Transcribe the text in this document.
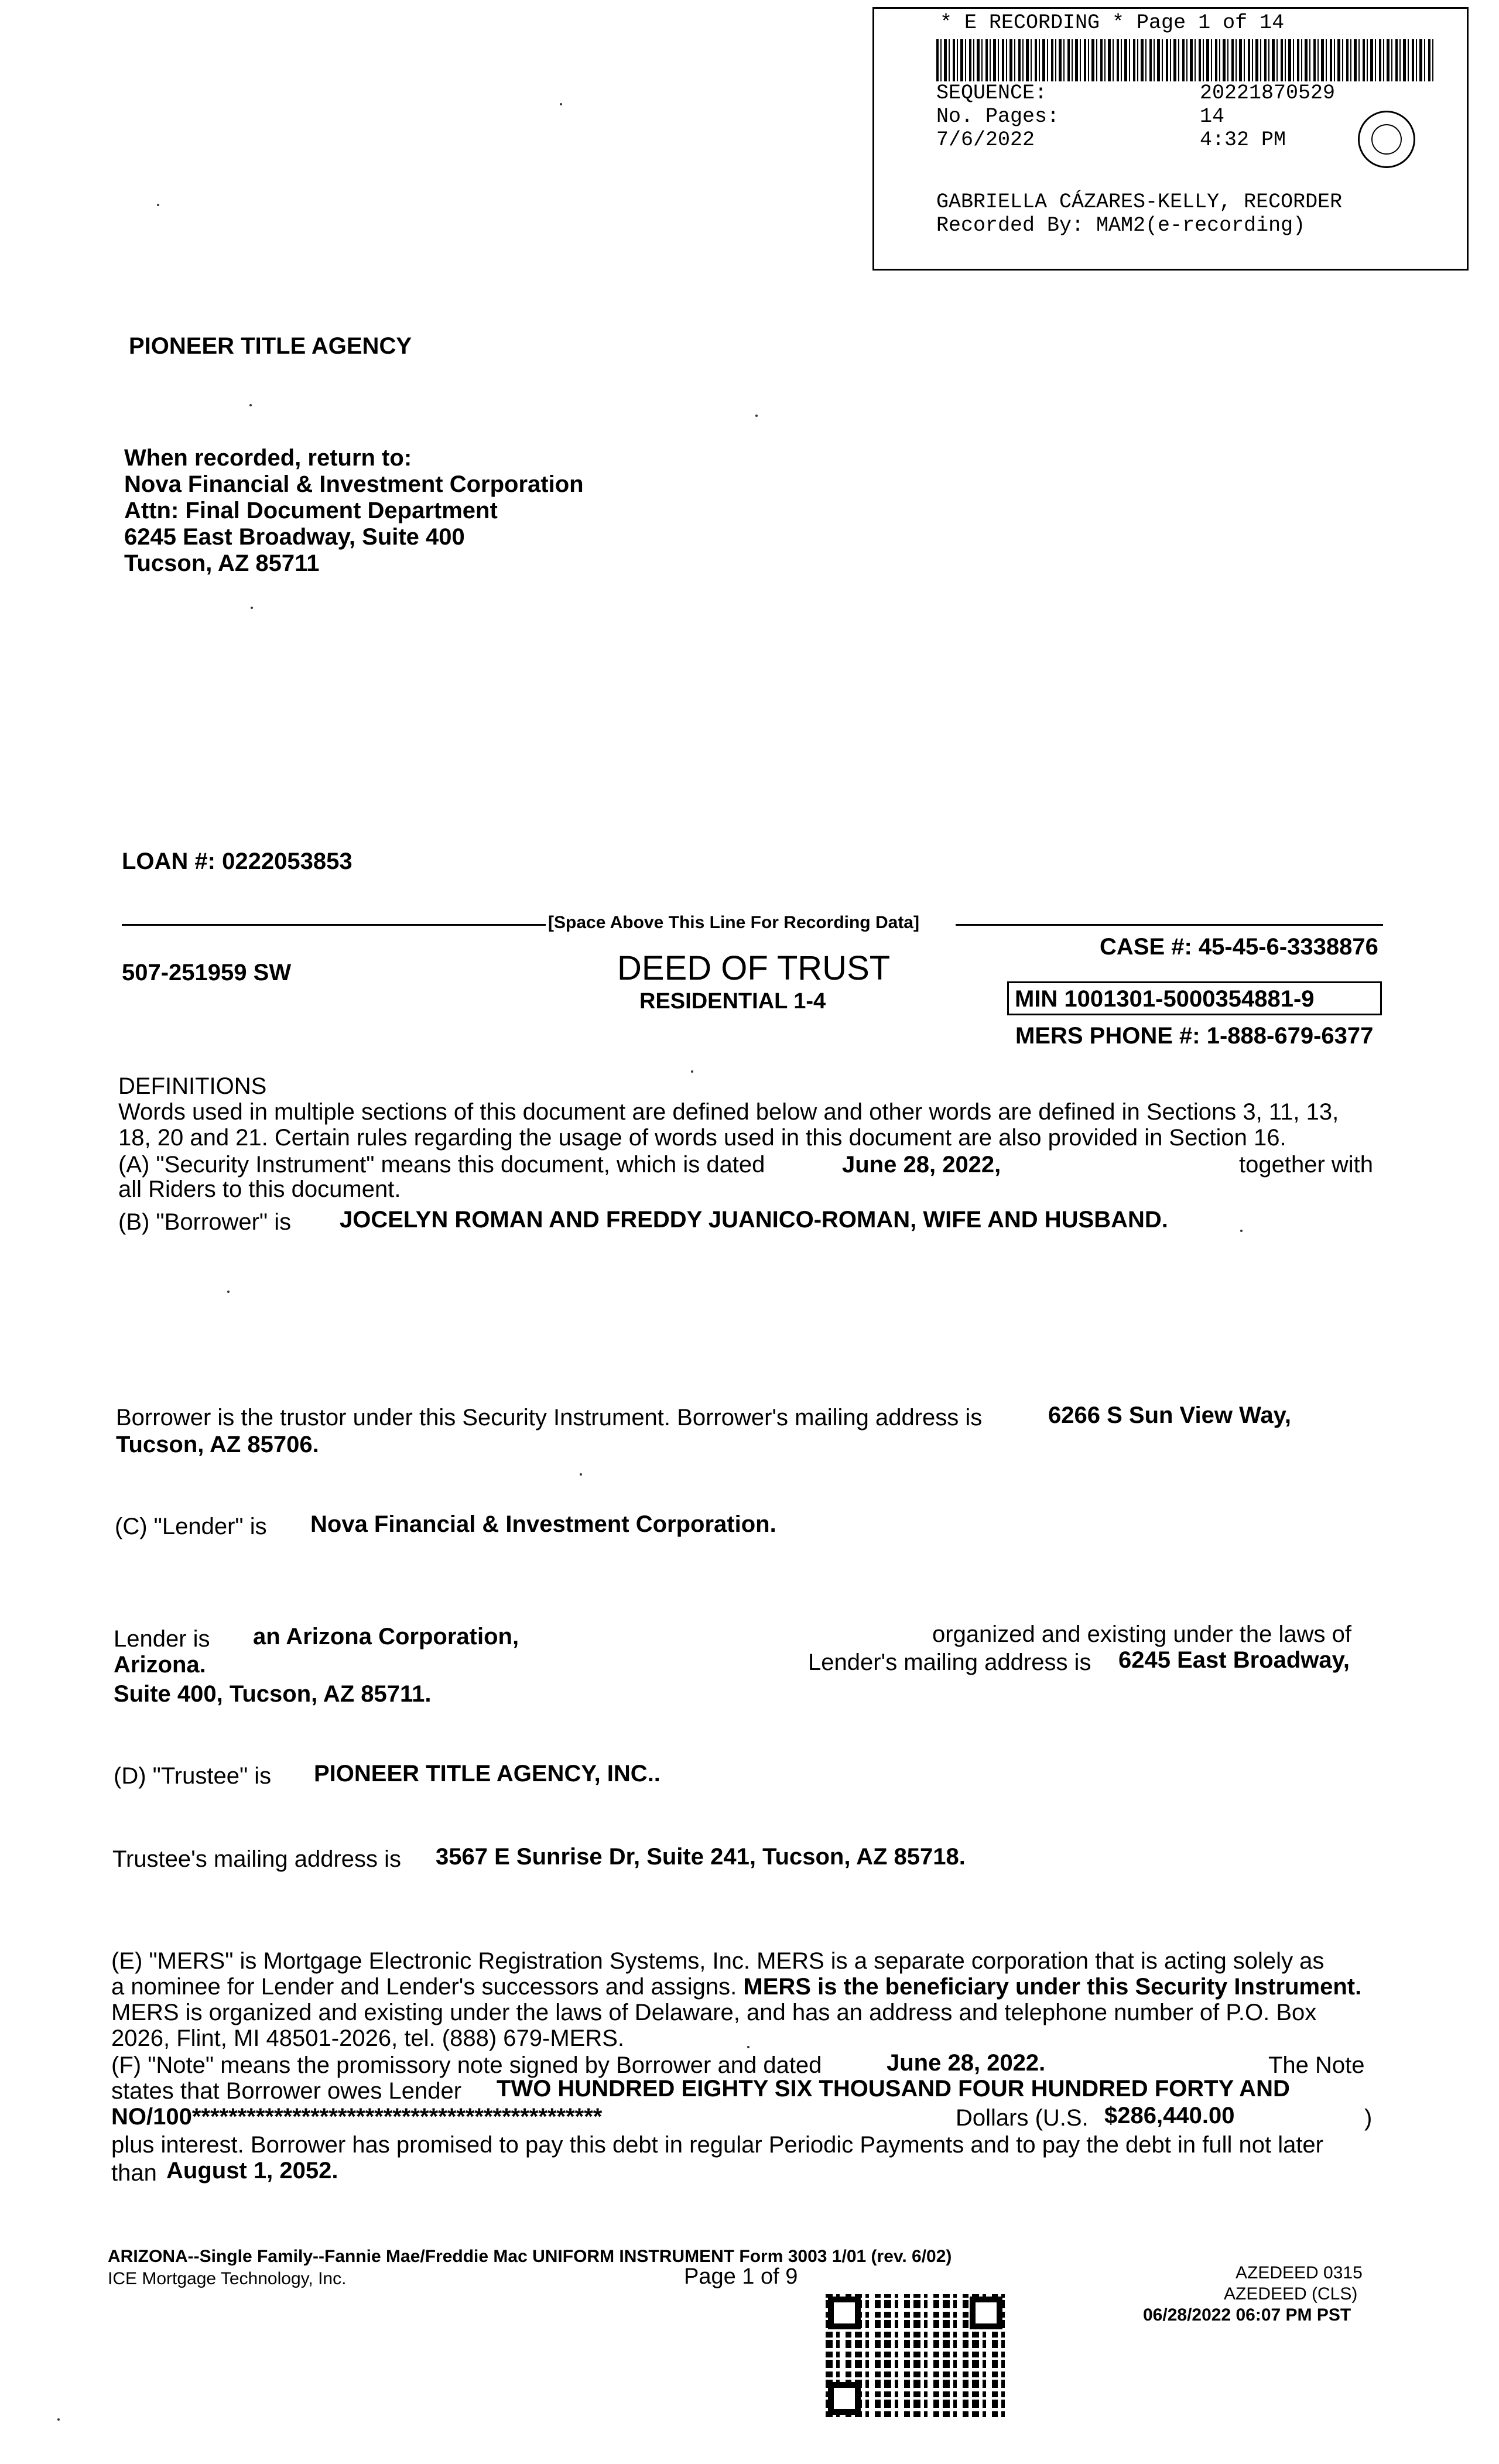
* E RECORDING * Page 1 of 14
SEQUENCE:	20221870529
No. Pages:	14
7/6/2022	4:32 PM
GABRIELLA CÁZARES-KELLY, RECORDER
Recorded By: MAM2(e-recording)
PIONEER TITLE AGENCY
When recorded, return to:
Nova Financial & Investment Corporation
Attn: Final Document Department
6245 East Broadway, Suite 400
Tucson, AZ 85711
LOAN #: 0222053853
[Space Above This Line For Recording Data]
507-251959 SW	DEED OF TRUST
RESIDENTIAL 1-4
CASE #: 45-45-6-3338876
MIN 1001301-5000354881-9
MERS PHONE #: 1-888-679-6377
DEFINITIONS
Words used in multiple sections of this document are defined below and other words are defined in Sections 3, 11, 13,
18, 20 and 21. Certain rules regarding the usage of words used in this document are also provided in Section 16.
(A) "Security Instrument" means this document, which is dated	June 28, 2022,	together with
all Riders to this document.
(B) "Borrower" is JOCELYN ROMAN AND FREDDY JUANICO-ROMAN, WIFE AND HUSBAND.
Borrower is the trustor under this Security Instrument. Borrower's mailing address is	6266 S Sun View Way,
Tucson, AZ 85706.
(C) "Lender" is Nova Financial & Investment Corporation.
Lender is an Arizona Corporation,	organized and existing under the laws of
Arizona.	Lender's mailing address is 6245 East Broadway,
Suite 400, Tucson, AZ 85711.
(D) "Trustee" is PIONEER TITLE AGENCY, INC..
Trustee's mailing address is 3567 E Sunrise Dr, Suite 241, Tucson, AZ 85718.
(E) "MERS" is Mortgage Electronic Registration Systems, Inc. MERS is a separate corporation that is acting solely as
a nominee for Lender and Lender's successors and assigns. MERS is the beneficiary under this Security Instrument.
MERS is organized and existing under the laws of Delaware, and has an address and telephone number of P.O. Box
2026, Flint, MI 48501-2026, tel. (888) 679-MERS.
(F) "Note" means the promissory note signed by Borrower and dated	June 28, 2022.	The Note
states that Borrower owes Lender TWO HUNDRED EIGHTY SIX THOUSAND FOUR HUNDRED FORTY AND
NO/100*********************************************	Dollars (U.S. $286,440.00	)
plus interest. Borrower has promised to pay this debt in regular Periodic Payments and to pay the debt in full not later
than August 1, 2052.
ARIZONA--Single Family--Fannie Mae/Freddie Mac UNIFORM INSTRUMENT Form 3003 1/01 (rev. 6/02)
ICE Mortgage Technology, Inc.	Page 1 of 9	AZEDEED 0315
AZEDEED (CLS)
06/28/2022 06:07 PM PST
